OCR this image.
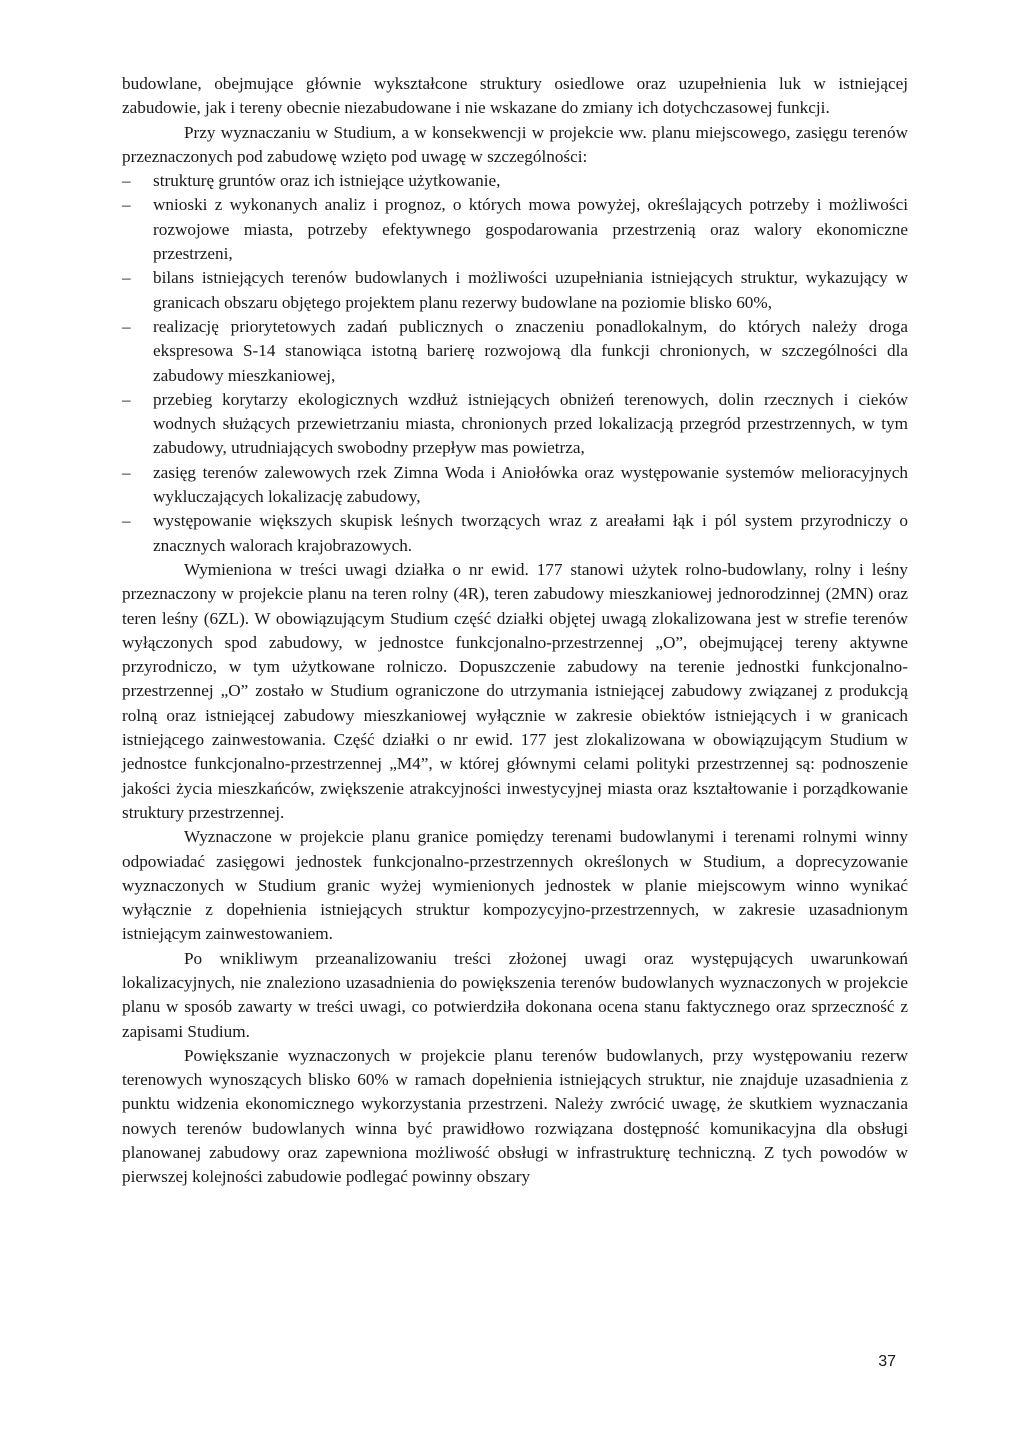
budowlane, obejmujące głównie wykształcone struktury osiedlowe oraz uzupełnienia luk w istniejącej zabudowie, jak i tereny obecnie niezabudowane i nie wskazane do zmiany ich dotychczasowej funkcji.

Przy wyznaczaniu w Studium, a w konsekwencji w projekcie ww. planu miejscowego, zasięgu terenów przeznaczonych pod zabudowę wzięto pod uwagę w szczególności:

– strukturę gruntów oraz ich istniejące użytkowanie,
– wnioski z wykonanych analiz i prognoz, o których mowa powyżej, określających potrzeby i możliwości rozwojowe miasta, potrzeby efektywnego gospodarowania przestrzenią oraz walory ekonomiczne przestrzeni,
– bilans istniejących terenów budowlanych i możliwości uzupełniania istniejących struktur, wykazujący w granicach obszaru objętego projektem planu rezerwy budowlane na poziomie blisko 60%,
– realizację priorytetowych zadań publicznych o znaczeniu ponadlokalnym, do których należy droga ekspresowa S-14 stanowiąca istotną barierę rozwojową dla funkcji chronionych, w szczególności dla zabudowy mieszkaniowej,
– przebieg korytarzy ekologicznych wzdłuż istniejących obniżeń terenowych, dolin rzecznych i cieków wodnych służących przewietrzaniu miasta, chronionych przed lokalizacją przegród przestrzennych, w tym zabudowy, utrudniających swobodny przepływ mas powietrza,
– zasięg terenów zalewowych rzek Zimna Woda i Aniołówka oraz występowanie systemów melioracyjnych wykluczających lokalizację zabudowy,
– występowanie większych skupisk leśnych tworzących wraz z areałami łąk i pól system przyrodniczy o znacznych walorach krajobrazowych.

Wymieniona w treści uwagi działka o nr ewid. 177 stanowi użytek rolno-budowlany, rolny i leśny przeznaczony w projekcie planu na teren rolny (4R), teren zabudowy mieszkaniowej jednorodzinnej (2MN) oraz teren leśny (6ZL). W obowiązującym Studium część działki objętej uwagą zlokalizowana jest w strefie terenów wyłączonych spod zabudowy, w jednostce funkcjonalno-przestrzennej „O”, obejmującej tereny aktywne przyrodniczo, w tym użytkowane rolniczo. Dopuszczenie zabudowy na terenie jednostki funkcjonalno-przestrzennej „O” zostało w Studium ograniczone do utrzymania istniejącej zabudowy związanej z produkcją rolną oraz istniejącej zabudowy mieszkaniowej wyłącznie w zakresie obiektów istniejących i w granicach istniejącego zainwestowania. Część działki o nr ewid. 177 jest zlokalizowana w obowiązującym Studium w jednostce funkcjonalno-przestrzennej „M4”, w której głównymi celami polityki przestrzennej są: podnoszenie jakości życia mieszkańców, zwiększenie atrakcyjności inwestycyjnej miasta oraz kształtowanie i porządkowanie struktury przestrzennej.

Wyznaczone w projekcie planu granice pomiędzy terenami budowlanymi i terenami rolnymi winny odpowiadać zasięgowi jednostek funkcjonalno-przestrzennych określonych w Studium, a doprecyzowanie wyznaczonych w Studium granic wyżej wymienionych jednostek w planie miejscowym winno wynikać wyłącznie z dopełnienia istniejących struktur kompozycyjno-przestrzennych, w zakresie uzasadnionym istniejącym zainwestowaniem.

Po wnikliwym przeanalizowaniu treści złożonej uwagi oraz występujących uwarunkowań lokalizacyjnych, nie znaleziono uzasadnienia do powiększenia terenów budowlanych wyznaczonych w projekcie planu w sposób zawarty w treści uwagi, co potwierdziła dokonana ocena stanu faktycznego oraz sprzeczność z zapisami Studium.

Powiększanie wyznaczonych w projekcie planu terenów budowlanych, przy występowaniu rezerw terenowych wynoszących blisko 60% w ramach dopełnienia istniejących struktur, nie znajduje uzasadnienia z punktu widzenia ekonomicznego wykorzystania przestrzeni. Należy zwrócić uwagę, że skutkiem wyznaczania nowych terenów budowlanych winna być prawidłowo rozwiązana dostępność komunikacyjna dla obsługi planowanej zabudowy oraz zapewniona możliwość obsługi w infrastrukturę techniczną. Z tych powodów w pierwszej kolejności zabudowie podlegać powinny obszary

37
